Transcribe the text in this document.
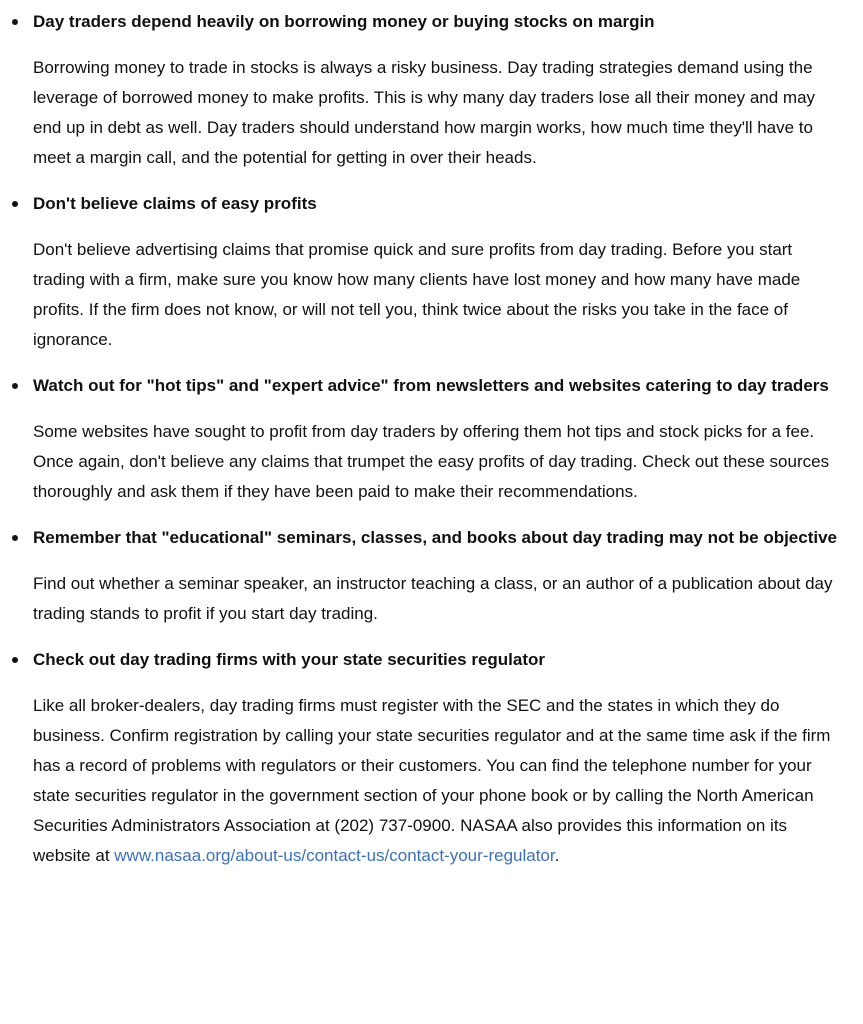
Day traders depend heavily on borrowing money or buying stocks on margin

Borrowing money to trade in stocks is always a risky business. Day trading strategies demand using the leverage of borrowed money to make profits. This is why many day traders lose all their money and may end up in debt as well. Day traders should understand how margin works, how much time they'll have to meet a margin call, and the potential for getting in over their heads.

Don't believe claims of easy profits

Don't believe advertising claims that promise quick and sure profits from day trading. Before you start trading with a firm, make sure you know how many clients have lost money and how many have made profits. If the firm does not know, or will not tell you, think twice about the risks you take in the face of ignorance.

Watch out for "hot tips" and "expert advice" from newsletters and websites catering to day traders

Some websites have sought to profit from day traders by offering them hot tips and stock picks for a fee. Once again, don't believe any claims that trumpet the easy profits of day trading. Check out these sources thoroughly and ask them if they have been paid to make their recommendations.

Remember that "educational" seminars, classes, and books about day trading may not be objective

Find out whether a seminar speaker, an instructor teaching a class, or an author of a publication about day trading stands to profit if you start day trading.

Check out day trading firms with your state securities regulator

Like all broker-dealers, day trading firms must register with the SEC and the states in which they do business. Confirm registration by calling your state securities regulator and at the same time ask if the firm has a record of problems with regulators or their customers. You can find the telephone number for your state securities regulator in the government section of your phone book or by calling the North American Securities Administrators Association at (202) 737-0900. NASAA also provides this information on its website at www.nasaa.org/about-us/contact-us/contact-your-regulator.
